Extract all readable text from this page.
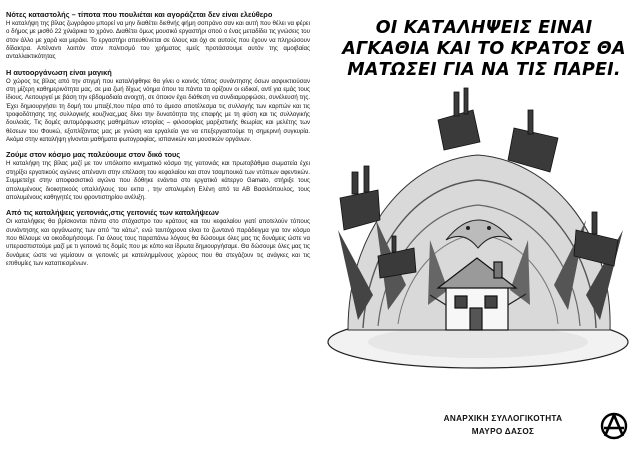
Νότες καταστολής – τίποτα που πουλιέται και αγοράζεται δεν είναι ελεύθερο

Η καταλήψη της βίλας ζωγράφου μπορεί να μην διαθέτει διεθνής φήμη σοπράνο σαν και αυτή που θέλει να φέρει ο δήμος με μισθό 22 χιλιάρικα το χρόνο. Διαθέτει όμως μουσικό εργαστήρι οπού ο ένας μεταδίδει τις γνώσεις του στον άλλο με χαρά και μεράκι. Το εργαστήρι απευθύνεται σε όλους και όχι σε αυτούς που έχουν να πληρώσουν δίδακτρα. Απέναντι λοιπόν στον πολιτισμό του χρήματος εμείς προτάσσουμε αυτόν της αμοιβαίας ανταλλακτικότητας

Η αυτοοργάνωση είναι μαγική

Ο χώρος τις βίλας από την στιγμή που καταλήφθηκε θα γίνει ο κοινός τόπος συνάντησης όσων ασφυκτιούσαν στη μίζερη καθημερινότητα μας, σε μια ζωή δίχως νόημα όπου τα πάντα τα ορίζουν οι ειδικοί, αντί για εμάς τους ίδιους. Λειτουργεί με βάση την εβδομαδιαία ανοιχτή, σε όποιον έχει διάθεση να συνδιαμορφώσει, συνέλευσή της. Έχει δημιουργήσει τη δομή του μπαξέ,που πέρα από το άμεσο αποτέλεσμα τις συλλογής των καρπών και τις τροφοδότησης της συλλογικής κουζίνας,μας δίνει την δυνατότητα της επαφής με τη φύση και τις συλλογικής δουλειάς. Τις δομές αυτομόρφωσης μαθημάτων ιστορίας – φιλοσοφίας μαρξιστικής θεωρίας και μελέτης των θέσεων του Φουκώ, εξοπλίζοντας μας με γνώση και εργαλεία για να επεξεργαστούμε τη σημερινή συγκυρία. Ακόμα στην καταλήψη γίνονται μαθήματα φωτογραφίας, ισπανικών και μουσικών οργάνων.

Ζούμε στον κόσμο μας παλεύουμε στον δικό τους

Η καταλήψη της βίλας μαζί με τον υπόλοιπο κινηματικό κόσμο της γειτονιάς και πρωτοβάθμια σωματεία έχει στηρίξει εργατικούς αγώνες απέναντι στην επέλαση του κεφαλαίου και στον τσαμπουκά των ντόπιων αφεντικών. Συμμετείχε στην αποφασιστικό αγώνα που δόθηκε ενάντια στο εργατικό κάτεργο Gamato, στήριξε τους απολυμένους διοικητικούς υπαλλήλους του εκπα , την απολυμένη Ελένη από τα ΑΒ Βασιλόπουλος, τους απολυμένους καθηγητές του φροντιστηρίου ανέλιξη.

Από τις καταλήψεις γειτονιάς,στις γειτονιές των καταλήψεων

Οι καταλήψεις θα βρίσκονται πάντα στο στόχαστρο του κράτους και του κεφαλαίου γιατί αποτελούν τόπους συνάντησης και οργάνωσης των από "τα κάτω", ενώ ταυτόχρονα είναι το ζωντανό παράδειγμα για τον κόσμο που θέλουμε να οικοδομήσουμε. Για όλους τους παραπάνω λόγους θα δώσουμε όλες μας τις δυνάμεις ώστε να υπερασπιστούμε μαζί με τι γειτονιά τις δομές που με κόπο και ίδρωτα δημιουργήσαμε. Θα δώσουμε όλες μας τις δυνάμεις ώστε να γεμίσουν οι γειτονιές με κατειλημμένους χώρους που θα στεγάζουν τις ανάγκες και τις επιθυμίες των καταπιεσμένων.

ΟΙ ΚΑΤΑΛΗΨΕΙΣ ΕΙΝΑΙ ΑΓΚΑΘΙΑ ΚΑΙ ΤΟ ΚΡΑΤΟΣ ΘΑ ΜΑΤΩΣΕΙ ΓΙΑ ΝΑ ΤΙΣ ΠΑΡΕΙ.
ΑΝΑΡΧΙΚΗ ΣΥΛΛΟΓΙΚΟΤΗΤΑ
ΜΑΥΡΟ ΔΑΣΟΣ
